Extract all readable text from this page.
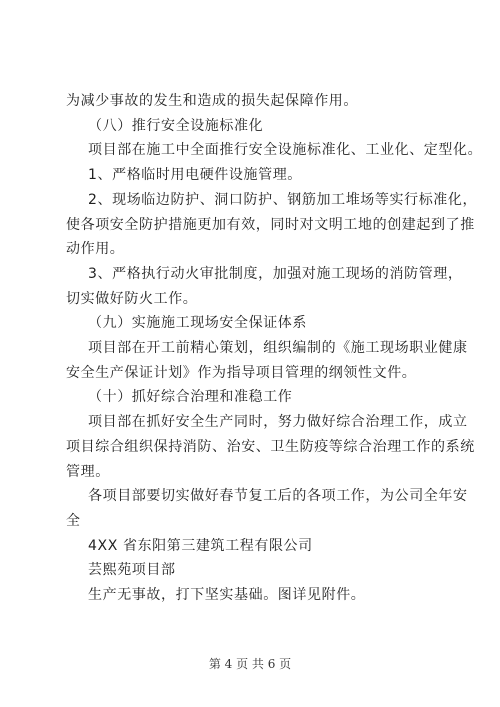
为减少事故的发生和造成的损失起保障作用。
（八）推行安全设施标准化
项目部在施工中全面推行安全设施标准化、工业化、定型化。
1、严格临时用电硬件设施管理。
2、现场临边防护、洞口防护、钢筋加工堆场等实行标准化，
使各项安全防护措施更加有效，同时对文明工地的创建起到了推
动作用。
3、严格执行动火审批制度，加强对施工现场的消防管理，
切实做好防火工作。
（九）实施施工现场安全保证体系
项目部在开工前精心策划，组织编制的《施工现场职业健康
安全生产保证计划》作为指导项目管理的纲领性文件。
（十）抓好综合治理和准稳工作
项目部在抓好安全生产同时，努力做好综合治理工作，成立
项目综合组织保持消防、治安、卫生防疫等综合治理工作的系统
管理。
各项目部要切实做好春节复工后的各项工作，为公司全年安
全
4XX 省东阳第三建筑工程有限公司
芸熙苑项目部
生产无事故，打下坚实基础。图详见附件。
第 4 页 共 6 页
